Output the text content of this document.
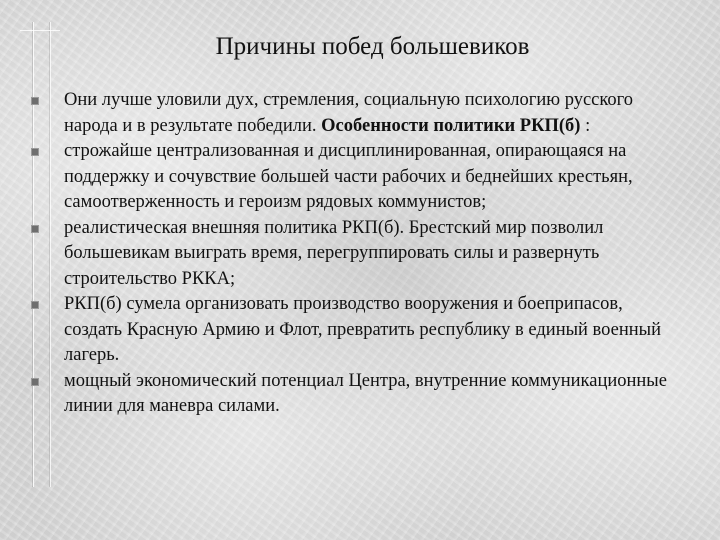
Причины побед большевиков
Они лучше уловили дух, стремления, социальную психологию русского народа и в результате победили. Особенности политики РКП(б) :
строжайше централизованная и дисциплинированная, опирающаяся на поддержку и сочувствие большей части рабочих и беднейших крестьян, самоотверженность и героизм рядовых коммунистов;
реалистическая внешняя политика РКП(б). Брестский мир позволил большевикам выиграть время, перегруппировать силы и развернуть строительство РККА;
РКП(б) сумела организовать производство вооружения и боеприпасов, создать Красную Армию и Флот, превратить республику в единый военный лагерь.
мощный экономический потенциал Центра, внутренние коммуникационные линии для маневра силами.
